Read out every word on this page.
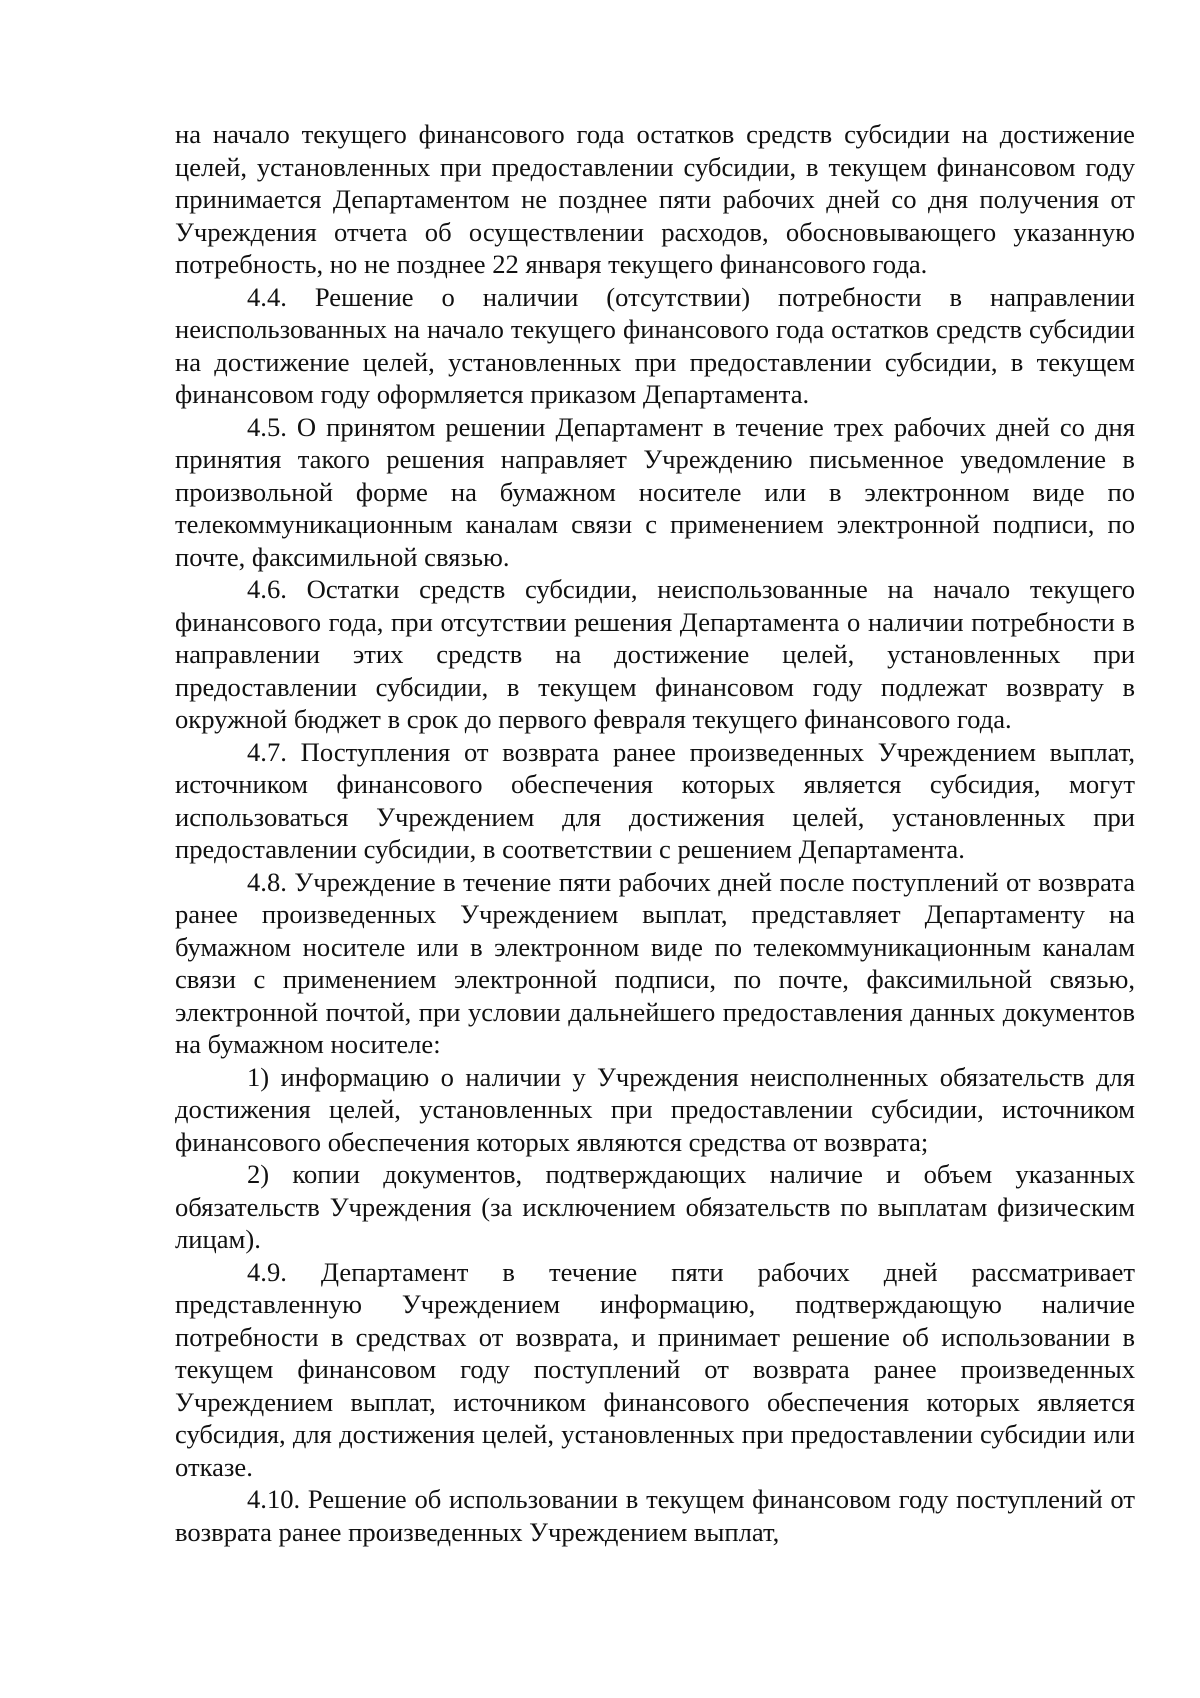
на начало текущего финансового года остатков средств субсидии на достижение целей, установленных при предоставлении субсидии, в текущем финансовом году принимается Департаментом не позднее пяти рабочих дней со дня получения от Учреждения отчета об осуществлении расходов, обосновывающего указанную потребность, но не позднее 22 января текущего финансового года.

4.4. Решение о наличии (отсутствии) потребности в направлении неиспользованных на начало текущего финансового года остатков средств субсидии на достижение целей, установленных при предоставлении субсидии, в текущем финансовом году оформляется приказом Департамента.

4.5. О принятом решении Департамент в течение трех рабочих дней со дня принятия такого решения направляет Учреждению письменное уведомление в произвольной форме на бумажном носителе или в электронном виде по телекоммуникационным каналам связи с применением электронной подписи, по почте, факсимильной связью.

4.6. Остатки средств субсидии, неиспользованные на начало текущего финансового года, при отсутствии решения Департамента о наличии потребности в направлении этих средств на достижение целей, установленных при предоставлении субсидии, в текущем финансовом году подлежат возврату в окружной бюджет в срок до первого февраля текущего финансового года.

4.7. Поступления от возврата ранее произведенных Учреждением выплат, источником финансового обеспечения которых является субсидия, могут использоваться Учреждением для достижения целей, установленных при предоставлении субсидии, в соответствии с решением Департамента.

4.8. Учреждение в течение пяти рабочих дней после поступлений от возврата ранее произведенных Учреждением выплат, представляет Департаменту на бумажном носителе или в электронном виде по телекоммуникационным каналам связи с применением электронной подписи, по почте, факсимильной связью, электронной почтой, при условии дальнейшего предоставления данных документов на бумажном носителе:

1) информацию о наличии у Учреждения неисполненных обязательств для достижения целей, установленных при предоставлении субсидии, источником финансового обеспечения которых являются средства от возврата;

2) копии документов, подтверждающих наличие и объем указанных обязательств Учреждения (за исключением обязательств по выплатам физическим лицам).

4.9. Департамент в течение пяти рабочих дней рассматривает представленную Учреждением информацию, подтверждающую наличие потребности в средствах от возврата, и принимает решение об использовании в текущем финансовом году поступлений от возврата ранее произведенных Учреждением выплат, источником финансового обеспечения которых является субсидия, для достижения целей, установленных при предоставлении субсидии или отказе.

4.10. Решение об использовании в текущем финансовом году поступлений от возврата ранее произведенных Учреждением выплат,
